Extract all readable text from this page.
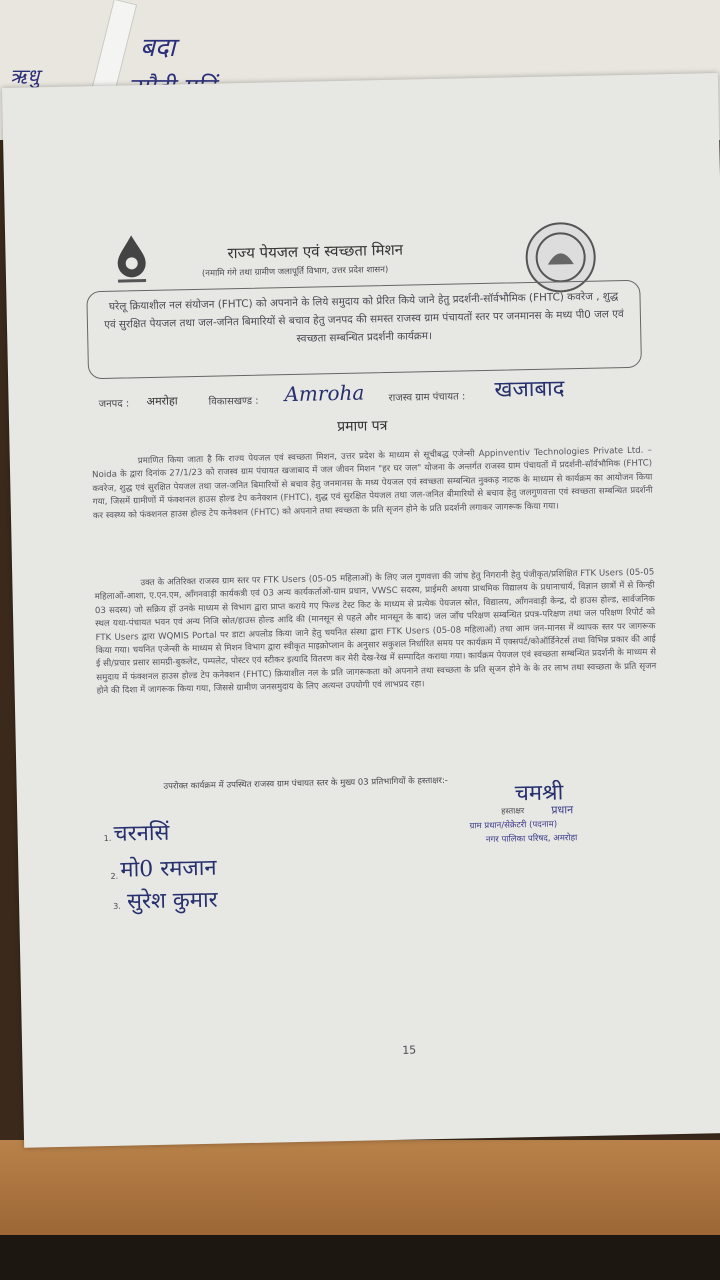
बदा
ऋधु
राज्य पेयजल एवं स्वच्छता मिशन
(नमामि गंगे तथा ग्रामीण जलापूर्ति विभाग, उत्तर प्रदेश शासन)
घरेलू क्रियाशील नल संयोजन (FHTC) को अपनाने के लिये समुदाय को प्रेरित किये जाने हेतु प्रदर्शनी-सॉर्वभौमिक (FHTC) कवरेज , शुद्ध एवं सुरक्षित पेयजल तथा जल-जनित बिमारियों से बचाव हेतु जनपद की समस्त राजस्व ग्राम पंचायतों स्तर पर जनमानस के मध्य पी0 जल एवं स्वच्छता सम्बन्धित प्रदर्शनी कार्यक्रम।
जनपद : अमरोहा	विकासखण्ड : Amroha राजस्व ग्राम पंचायत : खजाबाद
प्रमाण पत्र
प्रमाणित किया जाता है कि राज्य पेयजल एवं स्वच्छता मिशन, उत्तर प्रदेश के माध्यम से सूचीबद्ध एजेन्सी Appinventiv Technologies Private Ltd. – Noida के द्वारा दिनांक 27/1/23 को राजस्व ग्राम पंचायत खजाबाद में जल जीवन मिशन "हर घर जल" योजना के अन्तर्गत राजस्व ग्राम पंचायतों में प्रदर्शनी-सॉर्वभौमिक (FHTC) कवरेज, शुद्ध एवं सुरक्षित पेयजल तथा जल-जनित बिमारियों से बचाव हेतु जनमानस के मध्य पेयजल एवं स्वच्छता सम्बन्धित नुक्कड़ नाटक के माध्यम से कार्यक्रम का आयोजन किया गया, जिसमें ग्रामीणों में फंक्शनल हाउस होल्ड टेप कनेक्शन (FHTC), शुद्ध एवं सुरक्षित पेयजल तथा जल-जनित बीमारियों से बचाव हेतु जलगुणवत्ता एवं स्वच्छता सम्बन्धित प्रदर्शनी कर स्वस्थ्य को फंक्शनल हाउस होल्ड टेप कनेक्शन (FHTC) को अपनाने तथा स्वच्छता के प्रति सृजन होने के प्रति प्रदर्शनी लगाकर जागरूक किया गया।
उक्त के अतिरिक्त राजस्व ग्राम स्तर पर FTK Users (05-05 महिलाओं) के लिए जल गुणवत्ता की जांच हेतु निगरानी हेतु पंजीकृत/प्रशिक्षित FTK Users (05-05 महिलाओं-आशा, ए.एन.एम, आँगनवाड़ी कार्यकत्री एवं 03 अन्य कार्यकर्ताओं-ग्राम प्रधान, VWSC सदस्य, प्राईमरी अथवा प्राथमिक विद्यालय के प्रधानाचार्य, विज्ञान छात्रों में से किन्ही 03 सदस्य) जो सक्रिय हों उनके माध्यम से विभाग द्वारा प्राप्त कराये गए फिल्ड टेस्ट किट के माध्यम से प्रत्येक पेयजल स्रोत, विद्यालय, आँगनवाड़ी केन्द्र, दो हाउस होल्ड, सार्वजनिक स्थल यथा-पंचायत भवन एवं अन्य निजि स्रोत/हाउस होल्ड आदि की (मानसून से पहले और मानसून के बाद) जल जाँच परिक्षण सम्बन्धित प्रपत्र-परिक्षण तथा जल परिक्षण रिपोर्ट को FTK Users द्वारा WQMIS Portal पर डाटा अपलोड किया जाने हेतु चयनित संस्था द्वारा FTK Users (05-08 महिलाओं) तथा आम जन-मानस में व्यापक स्तर पर जागरूक किया गया। चयनित एजेन्सी के माध्यम से मिशन विभाग द्वारा स्वीकृत माइक्रोप्लान के अनुसार सकुशल निर्धारित समय पर कार्यक्रम में एक्सपर्ट/कोऑर्डिनेटर्स तथा विभिन्न प्रकार की आई ई सी/प्रचार प्रसार सामग्री-बुकलेट, पम्पलेट, पोस्टर एवं स्टीकर इत्यादि वितरण कर मेरी देख-रेख में सम्पादित कराया गया। कार्यक्रम पेयजल एवं स्वच्छता सम्बन्धित प्रदर्शनी के माध्यम से समुदाय में फंक्शनल हाउस होल्ड टेप कनेक्शन (FHTC) क्रियाशील नल के प्रति जागरूकता को अपनाने तथा स्वच्छता के प्रति सृजन होने के के तर लाभ तथा स्वच्छता के प्रति सृजन होने की दिशा में जागरूक किया गया, जिससे ग्रामीण जनसमुदाय के लिए अत्यन्त उपयोगी एवं लाभप्रद रहा।
उपरोक्त कार्यक्रम में उपस्थित राजस्व ग्राम पंचायत स्तर के मुख्य 03 प्रतिभागियों के हस्ताक्षर:-
1. चरनसिं
2. मो0 रमजान
3. सुरेश कुमार
चमश्री
हस्ताक्षर प्रधान
ग्राम प्रधान/सेक्रेटरी (पदनाम)
नगर पालिका परिषद, अमरोहा
15
